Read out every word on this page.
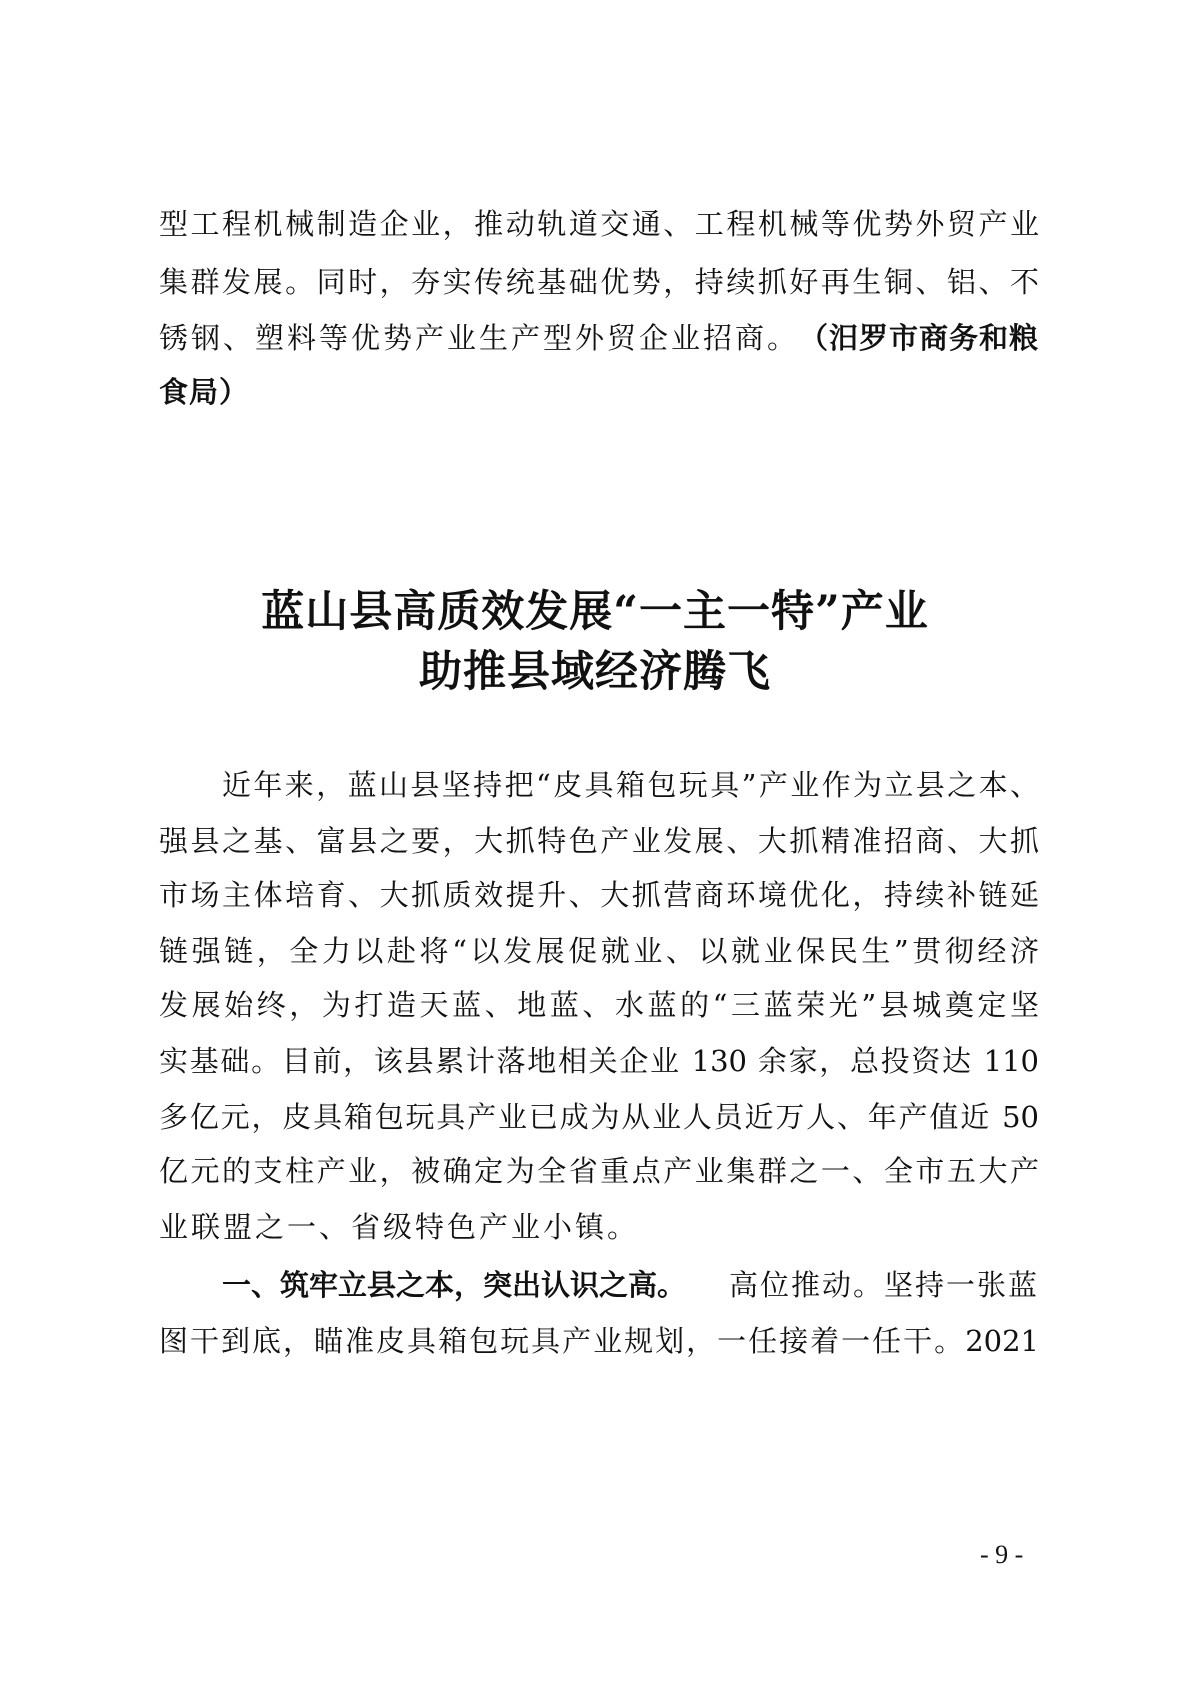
型工程机械制造企业，推动轨道交通、工程机械等优势外贸产业
集群发展。同时，夯实传统基础优势，持续抓好再生铜、铝、不
锈钢、塑料等优势产业生产型外贸企业招商。 （汨罗市商务和粮
食局）
蓝山县高质效发展“一主一特”产业
助推县域经济腾飞
近年来，蓝山县坚持把“皮具箱包玩具”产业作为立县之本、
强县之基、富县之要，大抓特色产业发展、大抓精准招商、大抓
市场主体培育、大抓质效提升、大抓营商环境优化，持续补链延
链强链，全力以赴将“以发展促就业、以就业保民生”贯彻经济
发展始终，为打造天蓝、地蓝、水蓝的“三蓝荣光”县城奠定坚
实基础。目前，该县累计落地相关企业 130 余家，总投资达 110
多亿元，皮具箱包玩具产业已成为从业人员近万人、年产值近 50
亿元的支柱产业，被确定为全省重点产业集群之一、全市五大产
业联盟之一、省级特色产业小镇。
一、筑牢立县之本，突出认识之高。 高位推动。坚持一张蓝
图干到底，瞄准皮具箱包玩具产业规划，一任接着一任干。2021
- 9 -
